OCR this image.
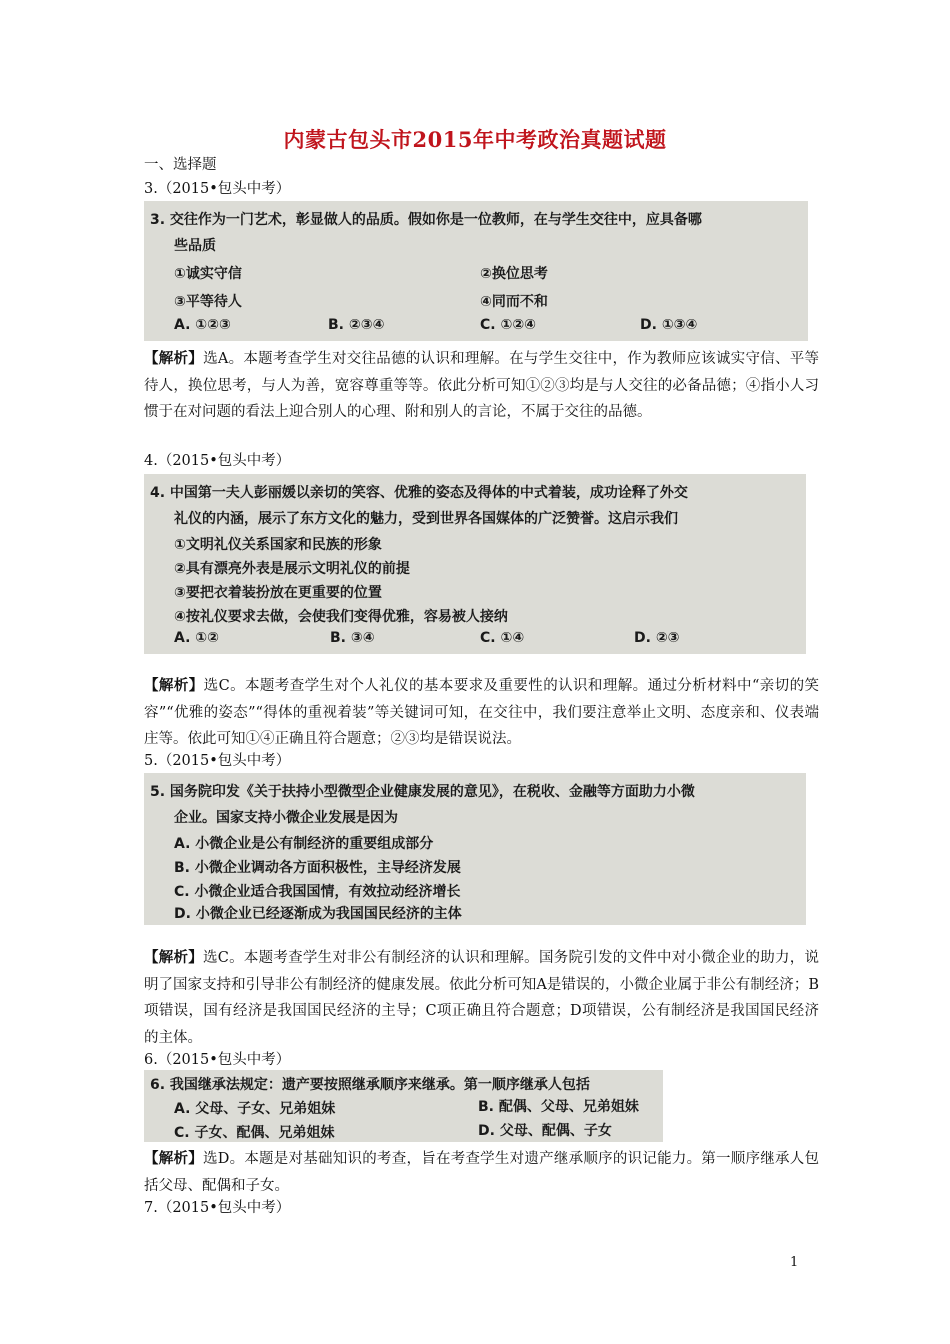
内蒙古包头市2015年中考政治真题试题
一、选择题
3.（2015•包头中考）
3. 交往作为一门艺术，彰显做人的品质。假如你是一位教师，在与学生交往中，应具备哪
些品质
①诚实守信	②换位思考
③平等待人	④同而不和
A. ①②③	B. ②③④	C. ①②④	D. ①③④
【解析】选A。本题考查学生对交往品德的认识和理解。在与学生交往中，作为教师应该诚实守信、平等待人，换位思考，与人为善，宽容尊重等等。依此分析可知①②③均是与人交往的必备品德；④指小人习惯于在对问题的看法上迎合别人的心理、附和别人的言论，不属于交往的品德。
4.（2015•包头中考）
4. 中国第一夫人彭丽媛以亲切的笑容、优雅的姿态及得体的中式着装，成功诠释了外交
礼仪的内涵，展示了东方文化的魅力，受到世界各国媒体的广泛赞誉。这启示我们
①文明礼仪关系国家和民族的形象
②具有漂亮外表是展示文明礼仪的前提
③要把衣着装扮放在更重要的位置
④按礼仪要求去做，会使我们变得优雅，容易被人接纳
A. ①②	B. ③④	C. ①④	D. ②③
【解析】选C。本题考查学生对个人礼仪的基本要求及重要性的认识和理解。通过分析材料中“亲切的笑容”“优雅的姿态”“得体的重视着装”等关键词可知，在交往中，我们要注意举止文明、态度亲和、仪表端庄等。依此可知①④正确且符合题意；②③均是错误说法。
5.（2015•包头中考）
5. 国务院印发《关于扶持小型微型企业健康发展的意见》，在税收、金融等方面助力小微
企业。国家支持小微企业发展是因为
A. 小微企业是公有制经济的重要组成部分
B. 小微企业调动各方面积极性，主导经济发展
C. 小微企业适合我国国情，有效拉动经济增长
D. 小微企业已经逐渐成为我国国民经济的主体
【解析】选C。本题考查学生对非公有制经济的认识和理解。国务院引发的文件中对小微企业的助力，说明了国家支持和引导非公有制经济的健康发展。依此分析可知A是错误的，小微企业属于非公有制经济；B项错误，国有经济是我国国民经济的主导；C项正确且符合题意；D项错误，公有制经济是我国国民经济的主体。
6.（2015•包头中考）
6. 我国继承法规定：遗产要按照继承顺序来继承。第一顺序继承人包括
A. 父母、子女、兄弟姐妹	B. 配偶、父母、兄弟姐妹
C. 子女、配偶、兄弟姐妹	D. 父母、配偶、子女
【解析】选D。本题是对基础知识的考查，旨在考查学生对遗产继承顺序的识记能力。第一顺序继承人包括父母、配偶和子女。
7.（2015•包头中考）
1
